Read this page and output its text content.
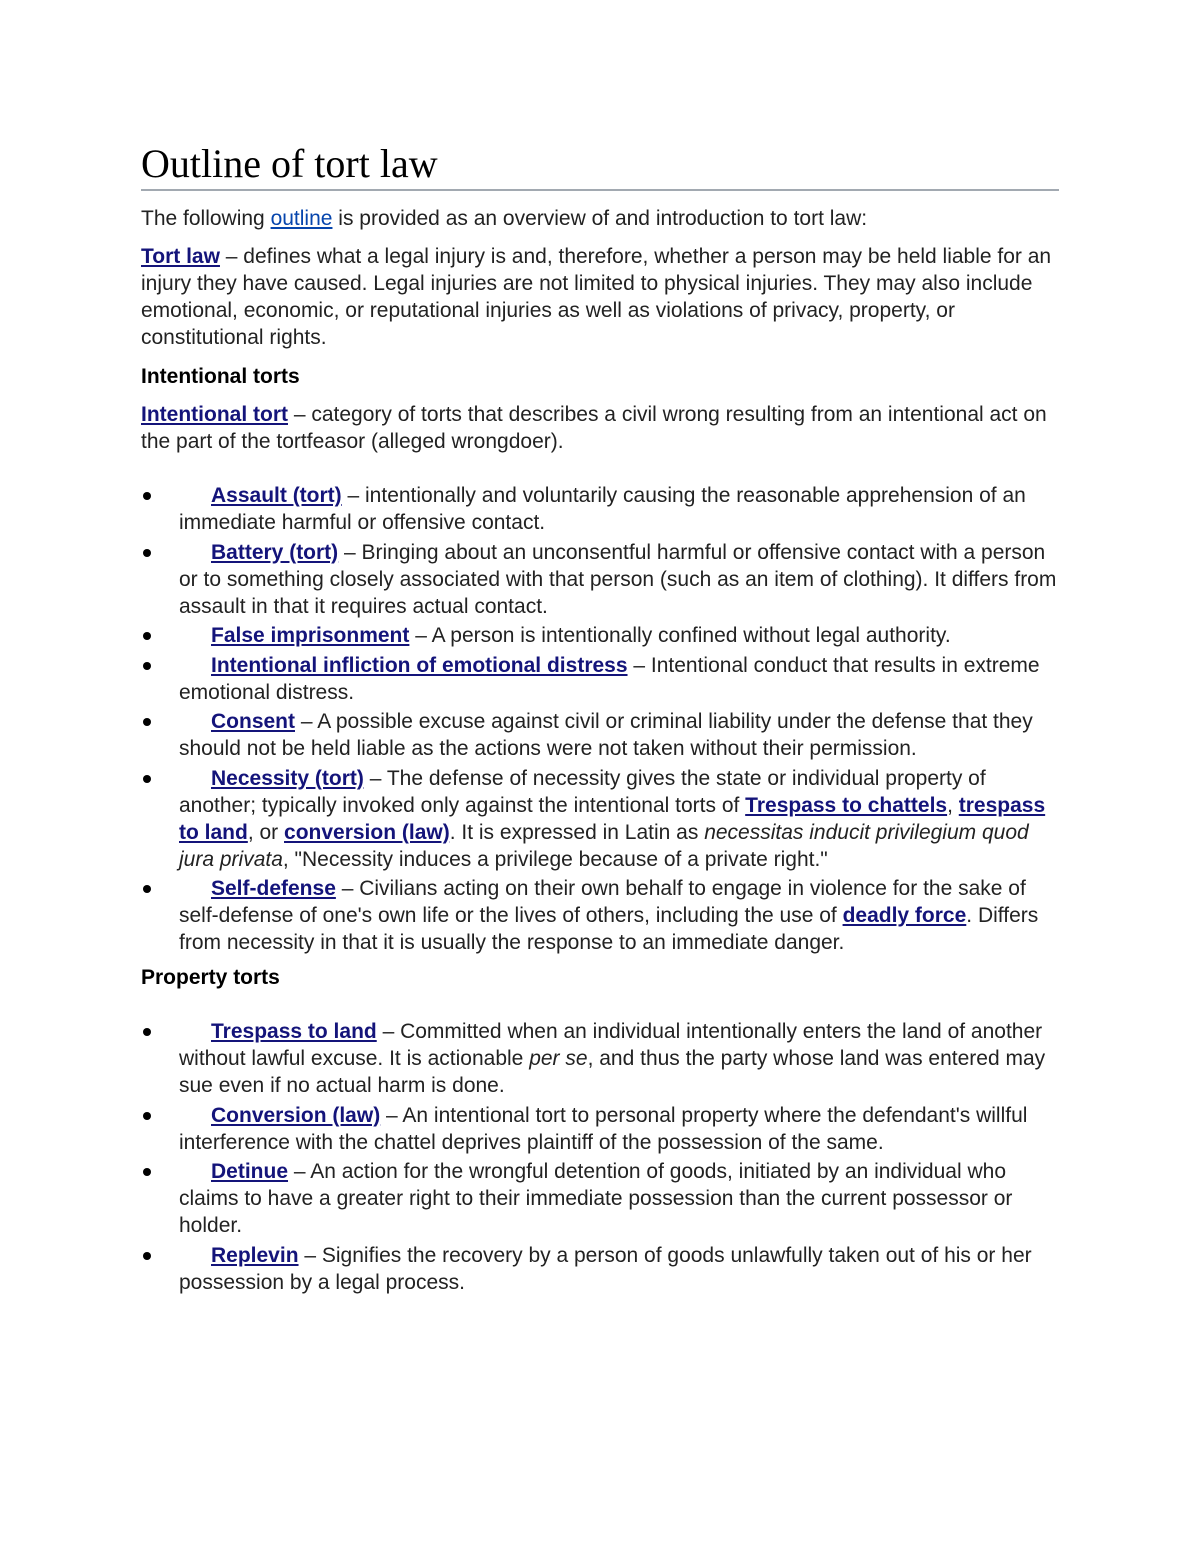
Outline of tort law

The following outline is provided as an overview of and introduction to tort law:

Tort law – defines what a legal injury is and, therefore, whether a person may be held liable for an injury they have caused. Legal injuries are not limited to physical injuries. They may also include emotional, economic, or reputational injuries as well as violations of privacy, property, or constitutional rights.

Intentional torts

Intentional tort – category of torts that describes a civil wrong resulting from an intentional act on the part of the tortfeasor (alleged wrongdoer).

Assault (tort) – intentionally and voluntarily causing the reasonable apprehension of an immediate harmful or offensive contact.
Battery (tort) – Bringing about an unconsentful harmful or offensive contact with a person or to something closely associated with that person (such as an item of clothing). It differs from assault in that it requires actual contact.
False imprisonment – A person is intentionally confined without legal authority.
Intentional infliction of emotional distress – Intentional conduct that results in extreme emotional distress.
Consent – A possible excuse against civil or criminal liability under the defense that they should not be held liable as the actions were not taken without their permission.
Necessity (tort) – The defense of necessity gives the state or individual property of another; typically invoked only against the intentional torts of Trespass to chattels, trespass to land, or conversion (law). It is expressed in Latin as necessitas inducit privilegium quod jura privata, "Necessity induces a privilege because of a private right."
Self-defense – Civilians acting on their own behalf to engage in violence for the sake of self-defense of one's own life or the lives of others, including the use of deadly force. Differs from necessity in that it is usually the response to an immediate danger.
Property torts
Trespass to land – Committed when an individual intentionally enters the land of another without lawful excuse. It is actionable per se, and thus the party whose land was entered may sue even if no actual harm is done.
Conversion (law) – An intentional tort to personal property where the defendant's willful interference with the chattel deprives plaintiff of the possession of the same.
Detinue – An action for the wrongful detention of goods, initiated by an individual who claims to have a greater right to their immediate possession than the current possessor or holder.
Replevin – Signifies the recovery by a person of goods unlawfully taken out of his or her possession by a legal process.
